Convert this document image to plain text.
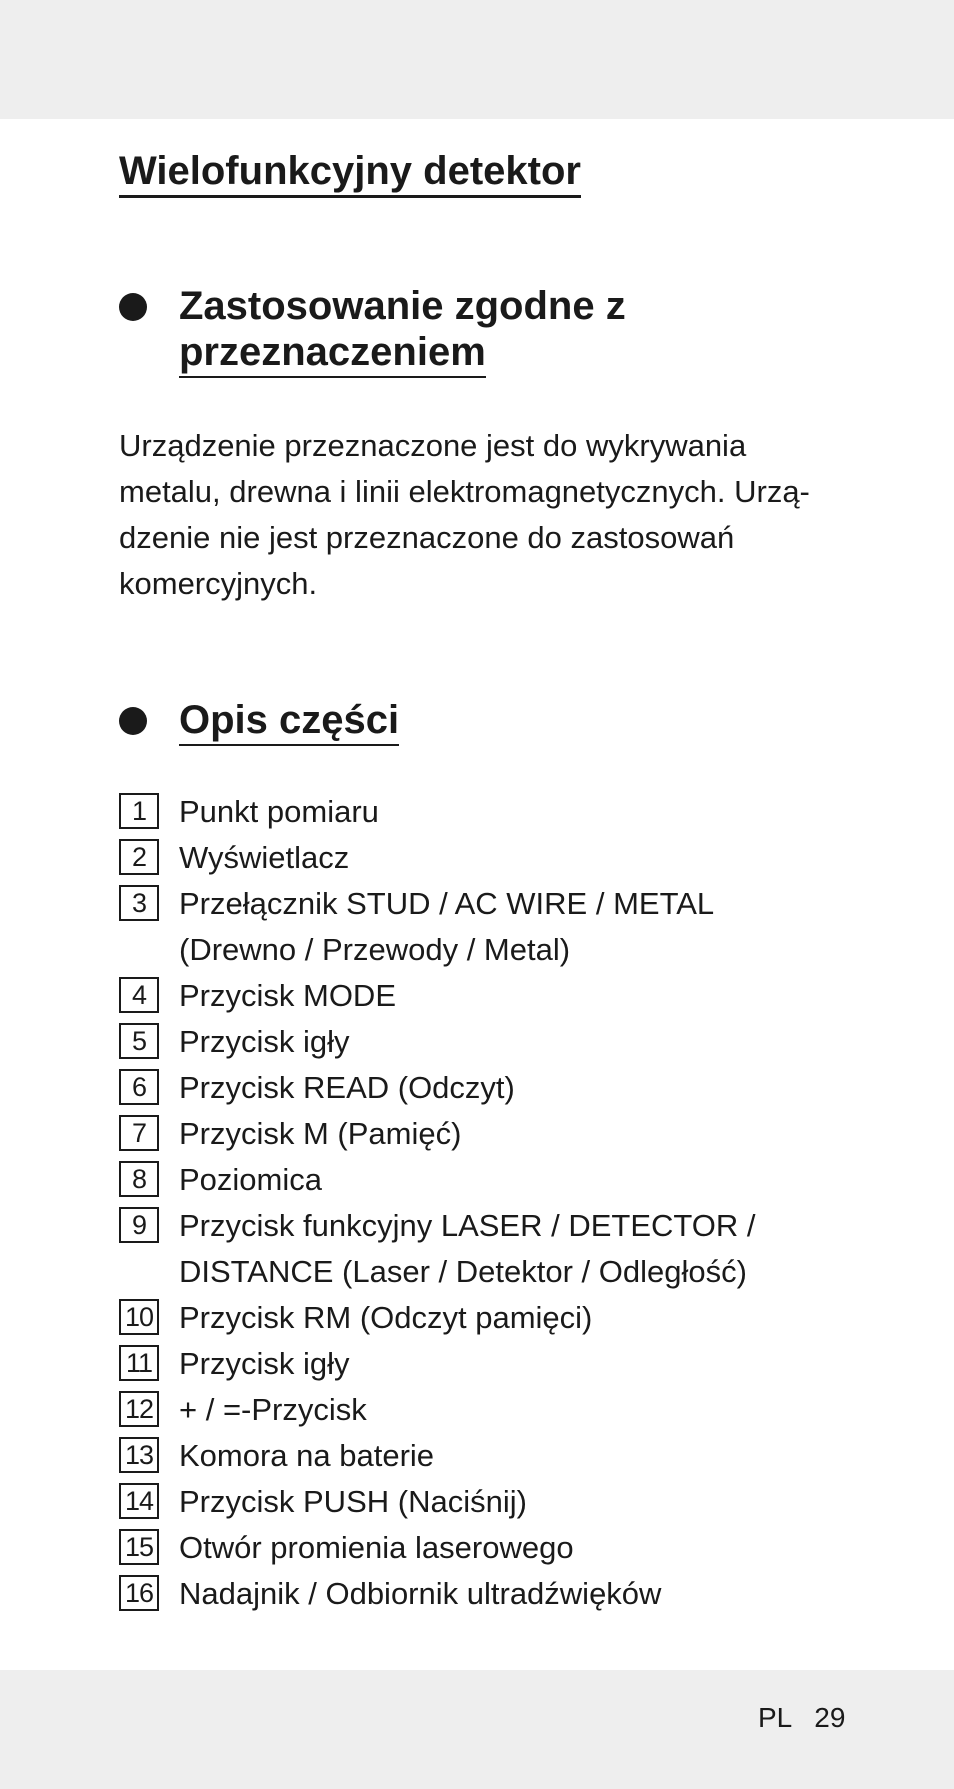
Wielofunkcyjny detektor
Zastosowanie zgodne z
przeznaczeniem
Urządzenie przeznaczone jest do wykrywania
metalu, drewna i linii elektromagnetycznych. Urzą-
dzenie nie jest przeznaczone do zastosowań
komercyjnych.
Opis części
1	Punkt pomiaru
2	Wyświetlacz
3	Przełącznik STUD / AC WIRE / METAL
(Drewno / Przewody / Metal)
4	Przycisk MODE
5	Przycisk igły
6	Przycisk READ (Odczyt)
7	Przycisk M (Pamięć)
8	Poziomica
9	Przycisk funkcyjny LASER / DETECTOR /
DISTANCE (Laser / Detektor / Odległość)
10 Przycisk RM (Odczyt pamięci)
11 Przycisk igły
12 + / =-Przycisk
13 Komora na baterie
14 Przycisk PUSH (Naciśnij)
15 Otwór promienia laserowego
16 Nadajnik / Odbiornik ultradźwięków
PL 29
